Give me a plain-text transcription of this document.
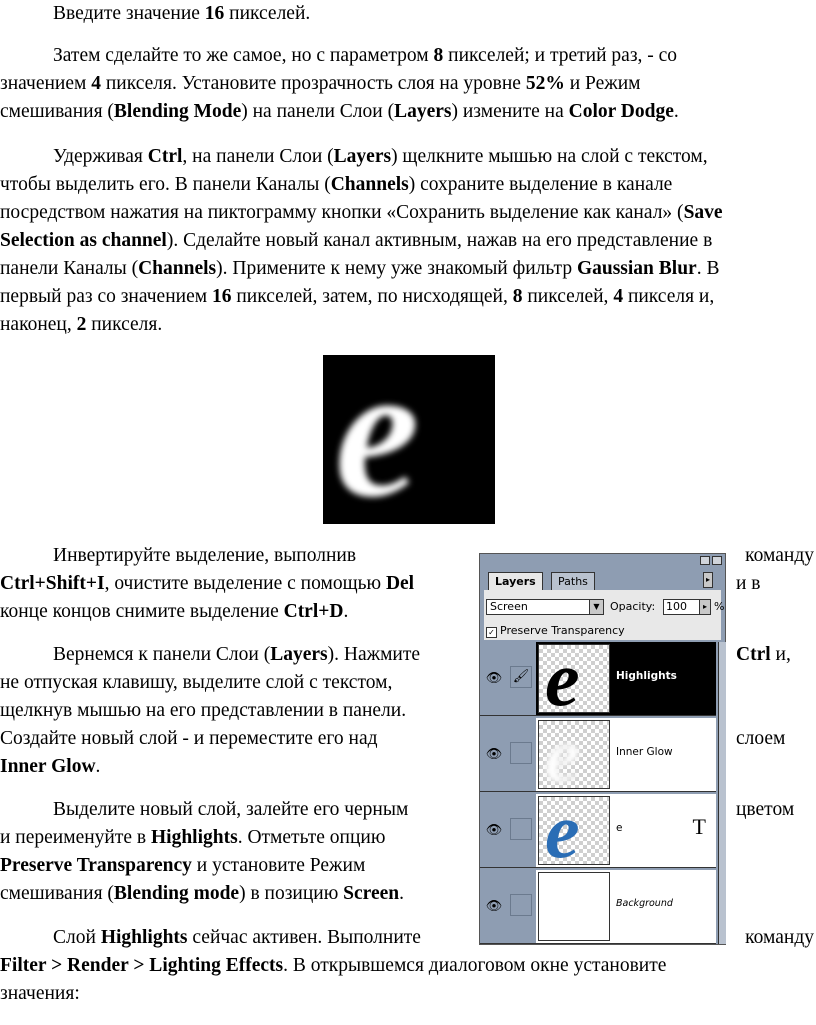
Введите значение 16 пикселей.
Затем сделайте то же самое, но с параметром 8 пикселей; и третий раз, - со
значением 4 пикселя. Установите прозрачность слоя на уровне 52% и Режим
смешивания (Blending Mode) на панели Слои (Layers) измените на Color Dodge.
Удерживая Ctrl, на панели Слои (Layers) щелкните мышью на слой с текстом,
чтобы выделить его. В панели Каналы (Channels) сохраните выделение в канале
посредством нажатия на пиктограмму кнопки «Сохранить выделение как канал» (Save
Selection as channel). Сделайте новый канал активным, нажав на его представление в
панели Каналы (Channels). Примените к нему уже знакомый фильтр Gaussian Blur. В
первый раз со значением 16 пикселей, затем, по нисходящей, 8 пикселей, 4 пикселя и,
наконец, 2 пикселя.
e
Инвертируйте выделение, выполнив	команду
Ctrl+Shift+I, очистите выделение с помощью Del	и в
конце концов снимите выделение Ctrl+D.
Вернемся к панели Слои (Layers). Нажмите	Ctrl и,
не отпуская клавишу, выделите слой с текстом,
щелкнув мышью на его представлении в панели.
Создайте новый слой - и переместите его над	слоем
Inner Glow.
Выделите новый слой, залейте его черным	цветом
и переименуйте в Highlights. Отметьте опцию
Preserve Transparency и установите Режим
смешивания (Blending mode) в позицию Screen.
Слой Highlights сейчас активен. Выполните	команду
Filter > Render > Lighting Effects. В открывшемся диалоговом окне установите
значения:
Layers	Paths	▸
Screen	▼ Opacity: 100	▸ %
✓ Preserve Transparency
👁 🖌 e	Highlights
👁 e	Inner Glow
👁 e	e	T
👁	Background
